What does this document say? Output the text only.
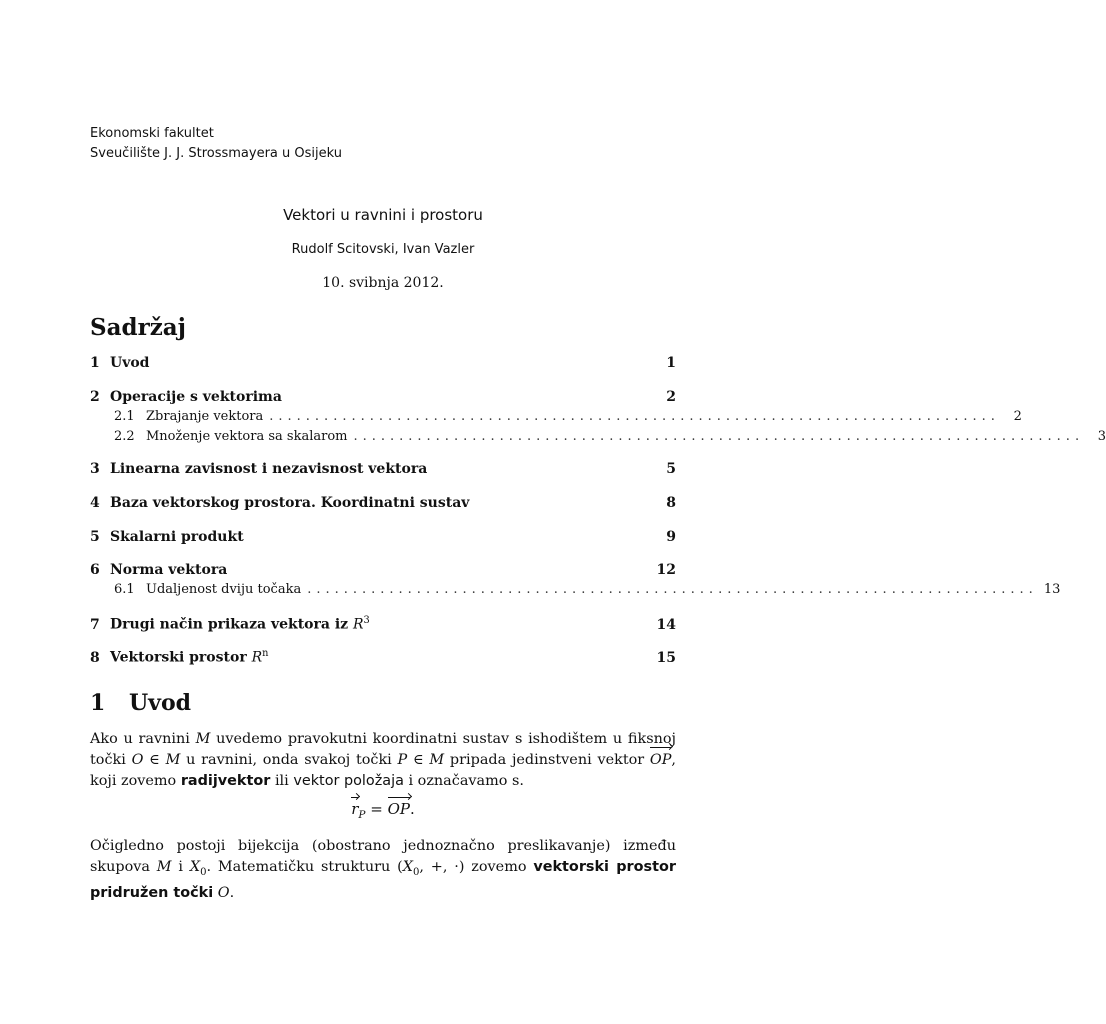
Ekonomski fakultet
Sveučilište J. J. Strossmayera u Osijeku
Vektori u ravnini i prostoru
Rudolf Scitovski, Ivan Vazler
10. svibnja 2012.
Sadržaj
1 Uvod	1
2 Operacije s vektorima	2
2.1 Zbrajanje vektora ................................................................................	2
2.2 Množenje vektora sa skalarom ................................................................................	3
3 Linearna zavisnost i nezavisnost vektora	5
4 Baza vektorskog prostora. Koordinatni sustav	8
5 Skalarni produkt	9
6 Norma vektora	12
6.1 Udaljenost dviju točaka ................................................................................ 13
7 Drugi način prikaza vektora iz $R^3$	14
8 Vektorski prostor $R^n$	15
1 Uvod
Ako u ravnini M uvedemo pravokutni koordinatni sustav s ishodištem u fiksnoj točki O ∈ M u ravnini, onda svakoj točki P ∈ M pripada jedinstveni vektor OP, koji zovemo radijvektor ili vektor položaja i označavamo s.
$r_P$ = OP.
Očigledno postoji bijekcija (obostrano jednoznačno preslikavanje) između skupova M i $X_0$. Matematičku strukturu ($X_0$, +, ·) zovemo vektorski prostor pridružen točki O.
